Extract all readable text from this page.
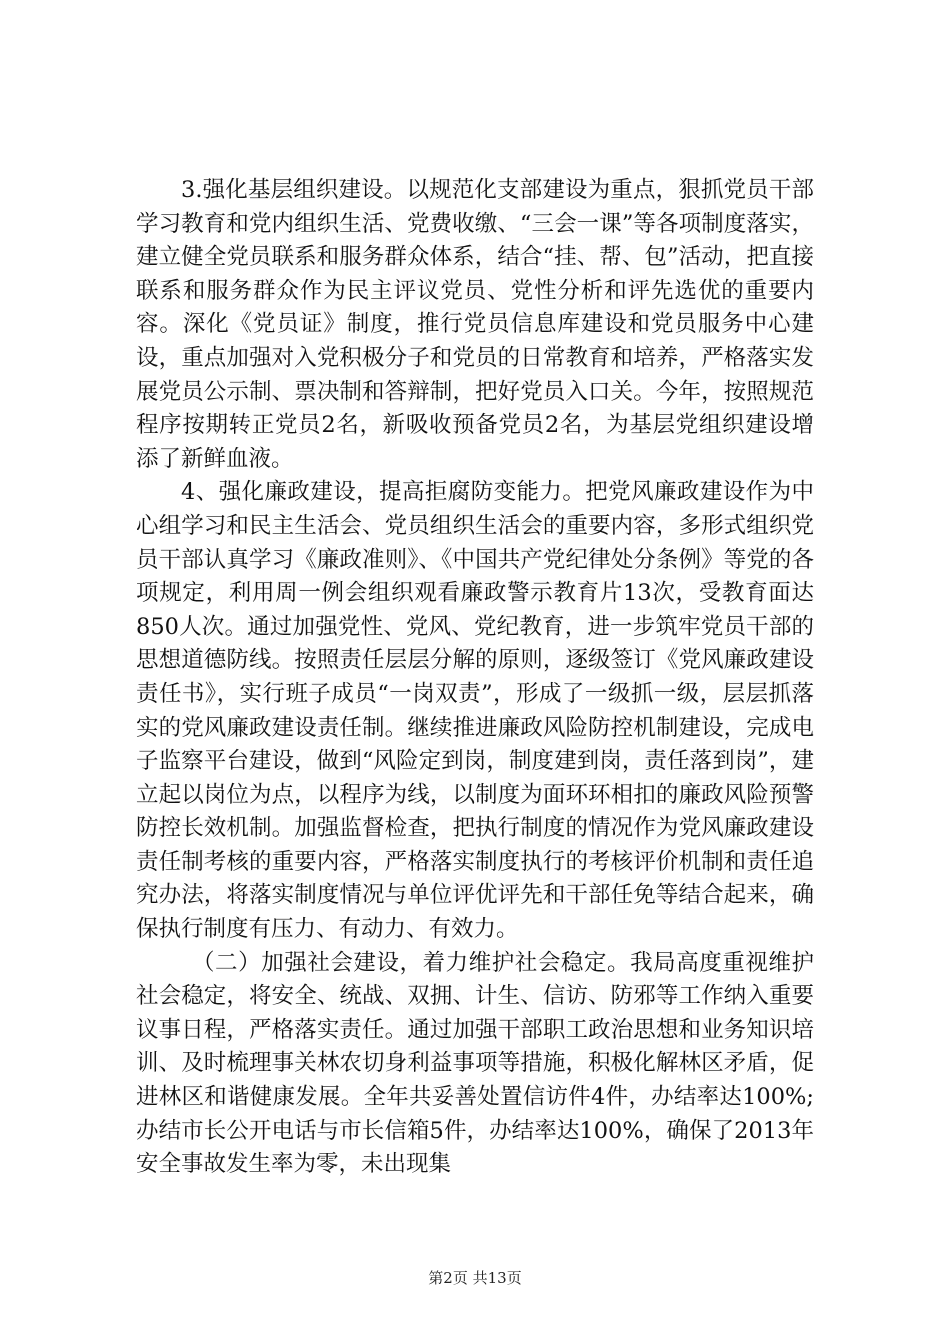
3.强化基层组织建设。以规范化支部建设为重点，狠抓党员干部学习教育和党内组织生活、党费收缴、“三会一课”等各项制度落实，建立健全党员联系和服务群众体系，结合“挂、帮、包”活动，把直接联系和服务群众作为民主评议党员、党性分析和评先选优的重要内容。深化《党员证》制度，推行党员信息库建设和党员服务中心建设，重点加强对入党积极分子和党员的日常教育和培养，严格落实发展党员公示制、票决制和答辩制，把好党员入口关。今年，按照规范程序按期转正党员2名，新吸收预备党员2名，为基层党组织建设增添了新鲜血液。

4、强化廉政建设，提高拒腐防变能力。把党风廉政建设作为中心组学习和民主生活会、党员组织生活会的重要内容，多形式组织党员干部认真学习《廉政准则》、《中国共产党纪律处分条例》等党的各项规定，利用周一例会组织观看廉政警示教育片13次，受教育面达850人次。通过加强党性、党风、党纪教育，进一步筑牢党员干部的思想道德防线。按照责任层层分解的原则，逐级签订《党风廉政建设责任书》，实行班子成员“一岗双责”，形成了一级抓一级，层层抓落实的党风廉政建设责任制。继续推进廉政风险防控机制建设，完成电子监察平台建设，做到“风险定到岗，制度建到岗，责任落到岗”，建立起以岗位为点，以程序为线，以制度为面环环相扣的廉政风险预警防控长效机制。加强监督检查，把执行制度的情况作为党风廉政建设责任制考核的重要内容，严格落实制度执行的考核评价机制和责任追究办法，将落实制度情况与单位评优评先和干部任免等结合起来，确保执行制度有压力、有动力、有效力。

（二）加强社会建设，着力维护社会稳定。我局高度重视维护社会稳定，将安全、统战、双拥、计生、信访、防邪等工作纳入重要议事日程，严格落实责任。通过加强干部职工政治思想和业务知识培训、及时梳理事关林农切身利益事项等措施，积极化解林区矛盾，促进林区和谐健康发展。全年共妥善处置信访件4件，办结率达100%;办结市长公开电话与市长信箱5件，办结率达100%，确保了2013年安全事故发生率为零，未出现集

第2页 共13页
